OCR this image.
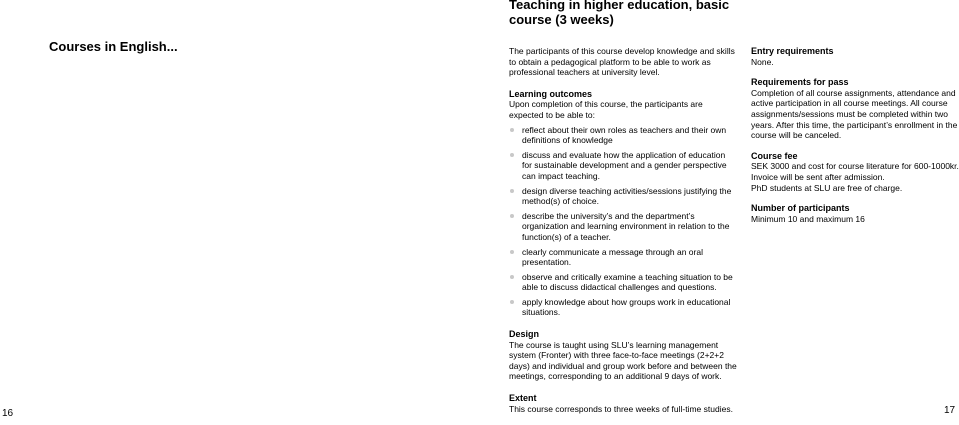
16	17
Courses in English...
Teaching in higher education, basic course (3 weeks)

The participants of this course develop knowledge and skills to obtain a pedagogical platform to be able to work as professional teachers at university level.

Learning outcomes

Upon completion of this course, the participants are expected to be able to:

reflect about their own roles as teachers and their own definitions of knowledge
discuss and evaluate how the application of education for sustainable development and a gender perspective can impact teaching.
design diverse teaching activities/sessions justifying the method(s) of choice.
describe the university’s and the department’s organization and learning environment in relation to the function(s) of a teacher.
clearly communicate a message through an oral presentation.
observe and critically examine a teaching situation to be able to discuss didactical challenges and questions.
apply knowledge about how groups work in educational situations.

Design

The course is taught using SLU’s learning management system (Fronter) with three face-to-face meetings (2+2+2 days) and individual and group work before and between the meetings, corresponding to an additional 9 days of work.

Extent

This course corresponds to three weeks of full-time studies.

Entry requirements

None.

Requirements for pass

Completion of all course assignments, attendance and active participation in all course meetings. All course assignments/sessions must be completed within two years. After this time, the participant’s enrollment in the course will be canceled.

Course fee

SEK 3000 and cost for course literature for 600-1000kr.

Invoice will be sent after admission.

PhD students at SLU are free of charge.

Number of participants

Minimum 10 and maximum 16
